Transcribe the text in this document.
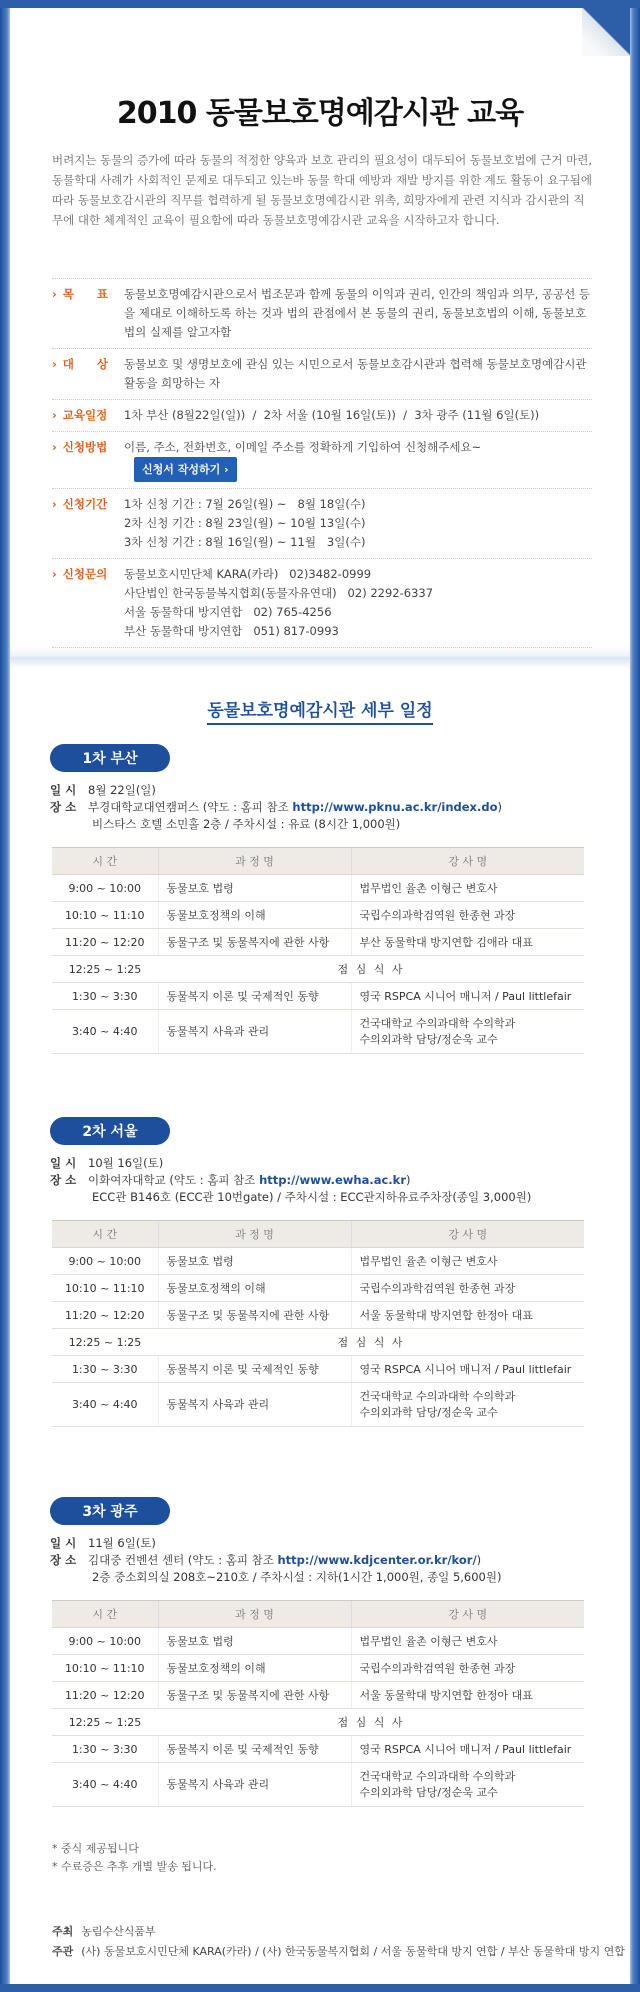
2010 동물보호명예감시관 교육

버려지는 동물의 증가에 따라 동물의 적정한 양육과 보호 관리의 필요성이 대두되어 동물보호법에 근거 마련, 동물학대 사례가 사회적인 문제로 대두되고 있는바 동물 학대 예방과 재발 방지를 위한 계도 활동이 요구됨에 따라 동물보호감시관의 직무를 협력하게 될 동물보호명예감시관 위촉, 희망자에게 관련 지식과 감시관의 직무에 대한 체계적인 교육이 필요함에 따라 동물보호명예감시관 교육을 시작하고자 합니다.

› 목　　표	동물보호명예감시관으로서 법조문과 함께 동물의 이익과 권리, 인간의 책임과 의무, 공공선 등을 제대로 이해하도록 하는 것과 법의 관점에서 본 동물의 권리, 동물보호법의 이해, 동물보호법의 실제를 알고자함
› 대　　상	동물보호 및 생명보호에 관심 있는 시민으로서 동물보호감시관과 협력해 동물보호명예감시관 활동을 희망하는 자
› 교육일정	1차 부산 (8월22일(일))  /  2차 서울 (10월 16일(토))  /  3차 광주 (11월 6일(토))
› 신청방법	이름, 주소, 전화번호, 이메일 주소를 정확하게 기입하여 신청해주세요~신청서 작성하기 ›
› 신청기간	1차 신청 기간 : 7월 26일(월) ~   8월 18일(수)
2차 신청 기간 : 8월 23일(월) ~ 10월 13일(수)
3차 신청 기간 : 8월 16일(월) ~ 11월   3일(수)
› 신청문의	동물보호시민단체 KARA(카라)   02)3482-0999
사단법인 한국동물복지협회(동물자유연대)   02) 2292-6337
서울 동물학대 방지연합   02) 765-4256
부산 동물학대 방지연합   051) 817-0993
동물보호명예감시관 세부 일정
1차 부산
일 시 8월 22일(일)
장 소 부경대학교대연캠퍼스 (약도 : 홈피 참조 http://www.pknu.ac.kr/index.do)
비스타스 호텔 소민홀 2층 / 주차시설 : 유료 (8시간 1,000원)
시 간	과 정 명	강 사 명
9:00 ~ 10:00	동물보호 법령	법무법인 율촌 이형근 변호사
10:10 ~ 11:10	동물보호정책의 이해	국립수의과학검역원 한종현 과장
11:20 ~ 12:20	동물구조 및 동물복지에 관한 사항	부산 동물학대 방지연합 김애라 대표
12:25 ~ 1:25	점 심 식 사	
1:30 ~ 3:30	동물복지 이론 및 국제적인 동향	영국 RSPCA 시니어 매니저 / Paul littlefair
3:40 ~ 4:40	동물복지 사육과 관리	건국대학교 수의과대학 수의학과
수의외과학 담당/정순욱 교수
2차 서울
일 시 10월 16일(토)
장 소 이화여자대학교 (약도 : 홈피 참조 http://www.ewha.ac.kr)
ECC관 B146호 (ECC관 10번gate) / 주차시설 : ECC관지하유료주차장(종일 3,000원)
시 간	과 정 명	강 사 명
9:00 ~ 10:00	동물보호 법령	법무법인 율촌 이형근 변호사
10:10 ~ 11:10	동물보호정책의 이해	국립수의과학검역원 한종현 과장
11:20 ~ 12:20	동물구조 및 동물복지에 관한 사항	서울 동물학대 방지연합 한정아 대표
12:25 ~ 1:25	점 심 식 사	
1:30 ~ 3:30	동물복지 이론 및 국제적인 동향	영국 RSPCA 시니어 매니저 / Paul littlefair
3:40 ~ 4:40	동물복지 사육과 관리	건국대학교 수의과대학 수의학과
수의외과학 담당/정순욱 교수
3차 광주
일 시 11월 6일(토)
장 소 김대중 컨벤션 센터 (약도 : 홈피 참조 http://www.kdjcenter.or.kr/kor/)
2층 중소회의실 208호~210호 / 주차시설 : 지하(1시간 1,000원, 종일 5,600원)
시 간	과 정 명	강 사 명
9:00 ~ 10:00	동물보호 법령	법무법인 율촌 이형근 변호사
10:10 ~ 11:10	동물보호정책의 이해	국립수의과학검역원 한종현 과장
11:20 ~ 12:20	동물구조 및 동물복지에 관한 사항	서울 동물학대 방지연합 한정아 대표
12:25 ~ 1:25	점 심 식 사	
1:30 ~ 3:30	동물복지 이론 및 국제적인 동향	영국 RSPCA 시니어 매니저 / Paul littlefair
3:40 ~ 4:40	동물복지 사육과 관리	건국대학교 수의과대학 수의학과
수의외과학 담당/정순욱 교수
* 중식 제공됩니다
* 수료증은 추후 개별 발송 됩니다.
주최 농림수산식품부
주관 (사) 동물보호시민단체 KARA(카라) / (사) 한국동물복지협회 / 서울 동물학대 방지 연합 / 부산 동물학대 방지 연합
